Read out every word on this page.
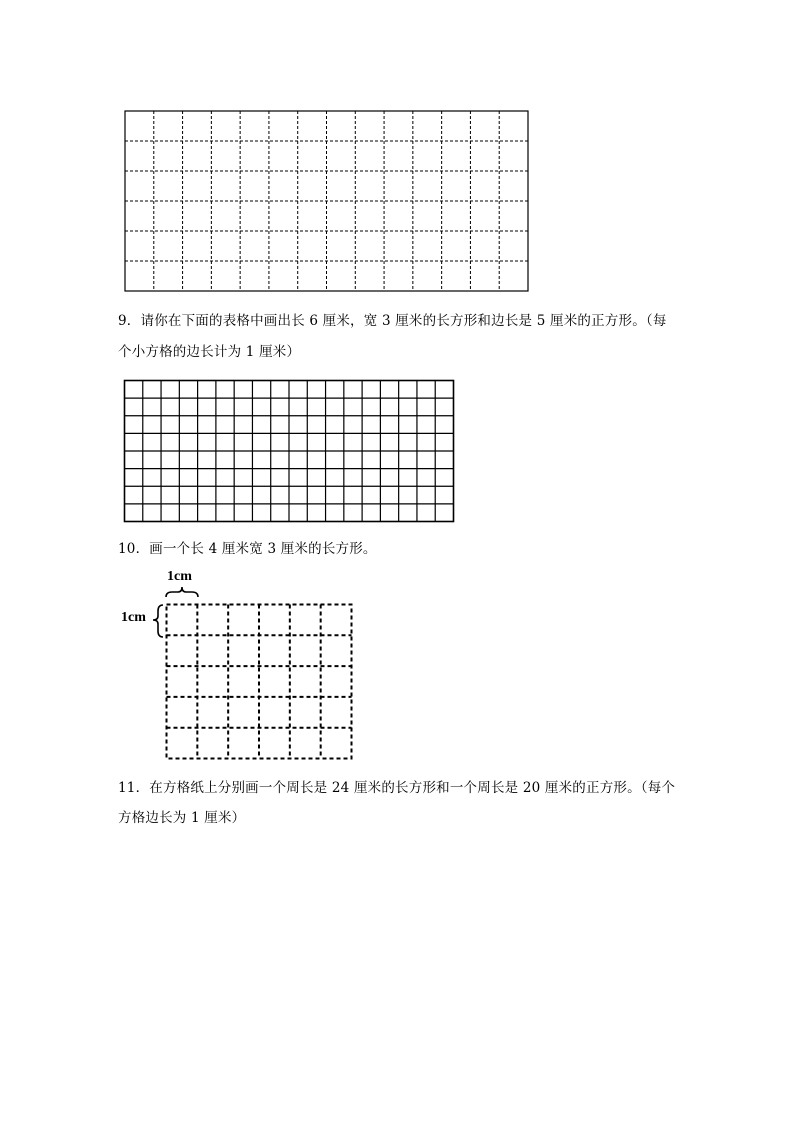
9．请你在下面的表格中画出长 6 厘米，宽 3 厘米的长方形和边长是 5 厘米的正方形。（每
个小方格的边长计为 1 厘米）
10．画一个长 4 厘米宽 3 厘米的长方形。
1cm
1cm
11．在方格纸上分别画一个周长是 24 厘米的长方形和一个周长是 20 厘米的正方形。（每个
方格边长为 1 厘米）
